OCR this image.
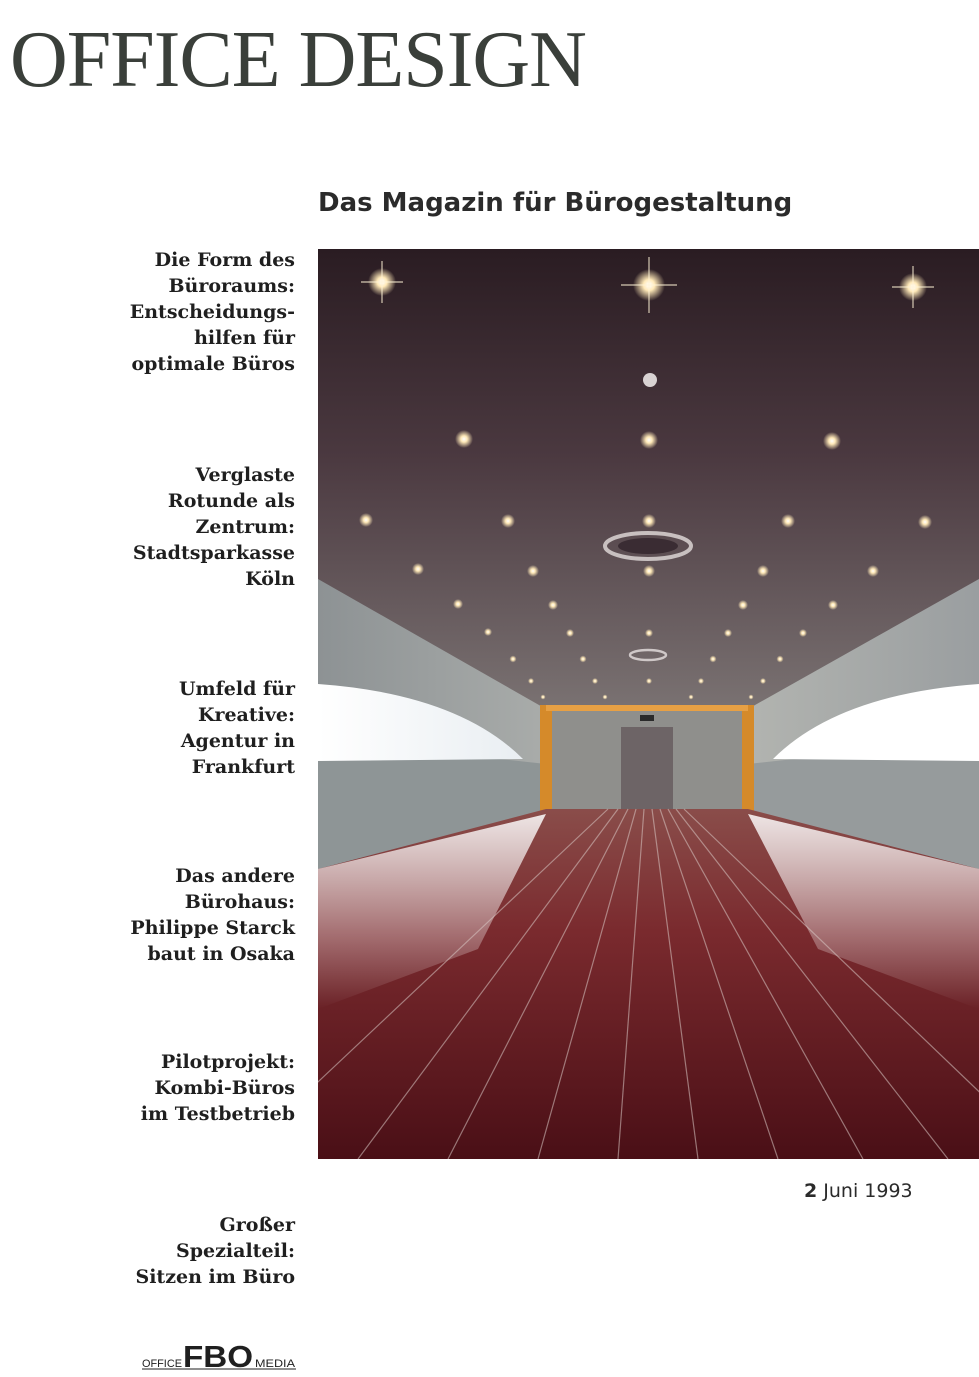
OFFICE DESIGN
Das Magazin für Bürogestaltung

Die Form des
Büroraums:
Entscheidungs-
hilfen für
optimale Büros

Verglaste
Rotunde als
Zentrum:
Stadtsparkasse
Köln

Umfeld für
Kreative:
Agentur in
Frankfurt

Das andere
Bürohaus:
Philippe Starck
baut in Osaka

Pilotprojekt:
Kombi-Büros
im Testbetrieb

Großer
Spezialteil:
Sitzen im Büro

2 Juni 1993

OFFICE FBO MEDIA
